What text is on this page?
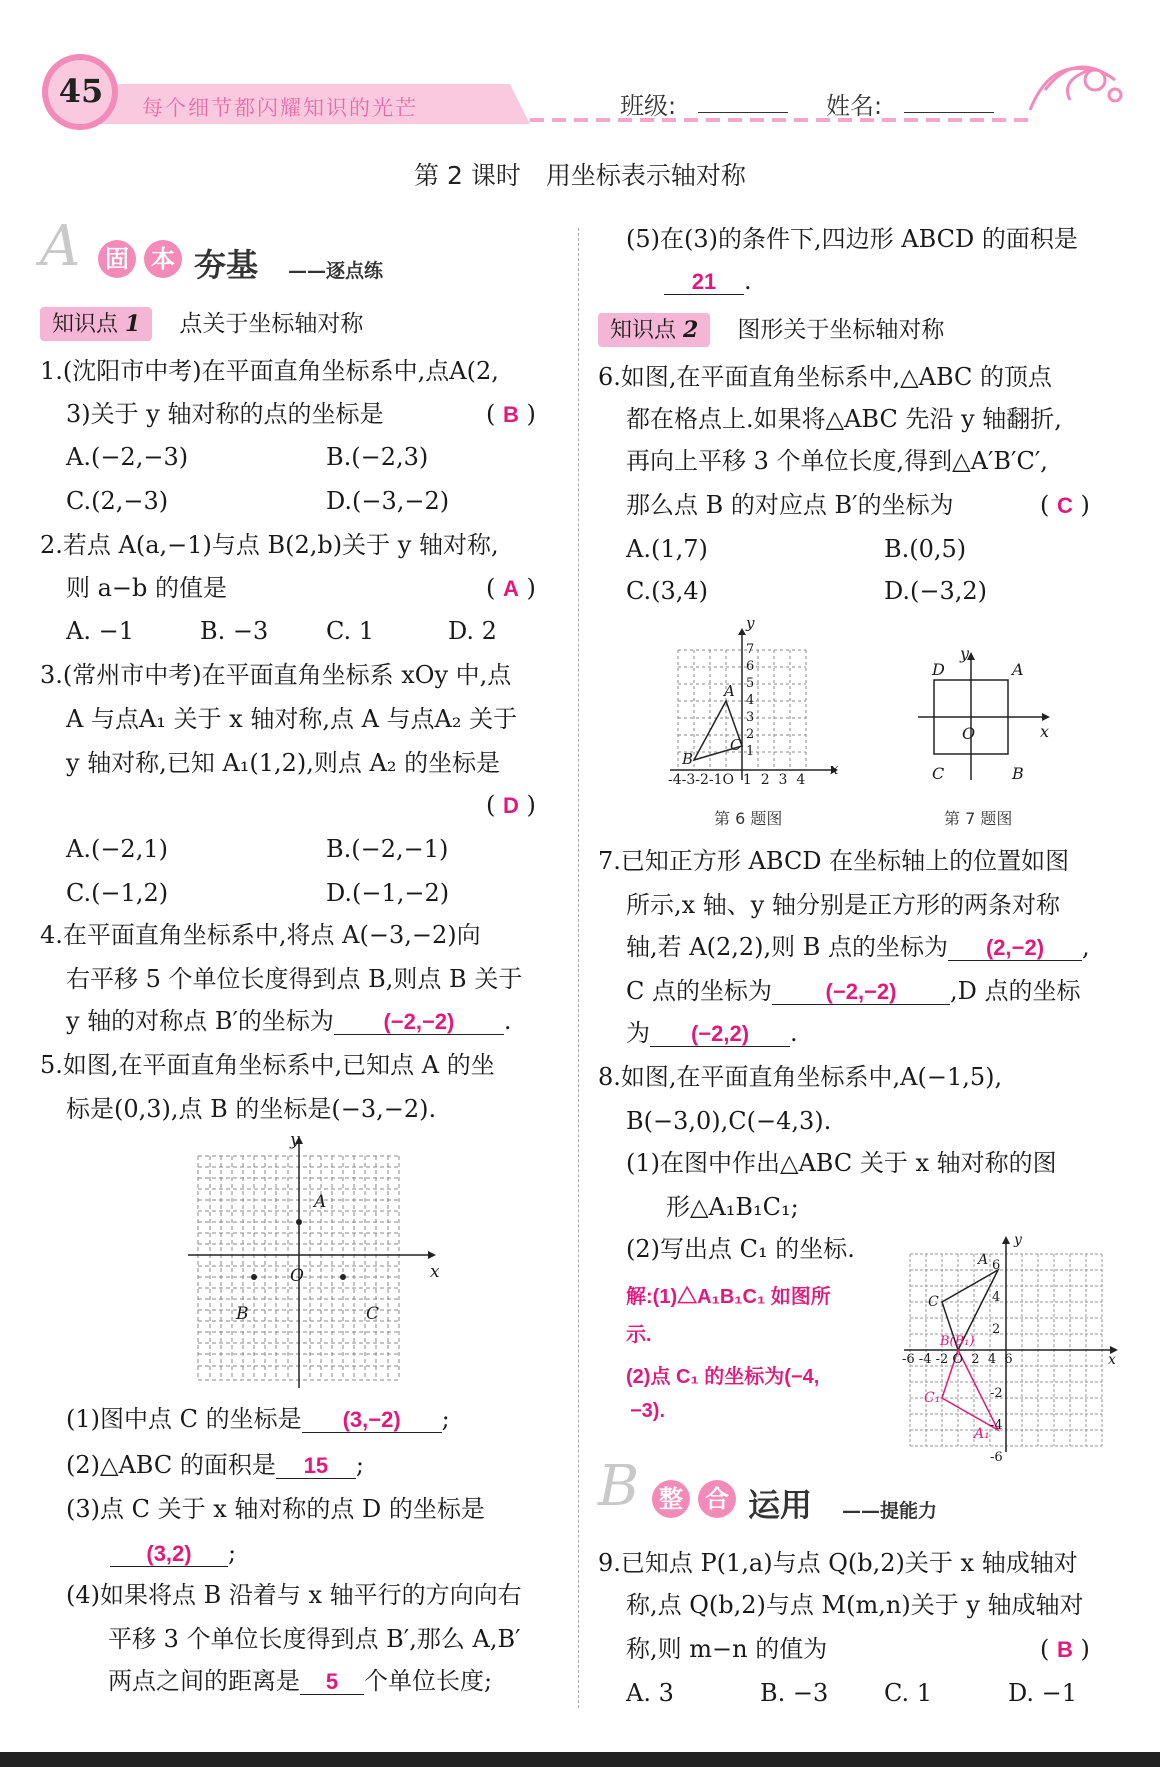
45 每个细节都闪耀知识的光芒	班级:	姓名:
第 2 课时　用坐标表示轴对称
A 固 本 夯基 ——逐点练
知识点 1 点关于坐标轴对称
1.(沈阳市中考)在平面直角坐标系中,点A(2,
3)关于 y 轴对称的点的坐标是	( B )
A.(−2,−3)	B.(−2,3)
C.(2,−3)	D.(−3,−2)
2.若点 A(a,−1)与点 B(2,b)关于 y 轴对称,
则 a−b 的值是	( A )
A. −1	B. −3 C. 1	D. 2
3.(常州市中考)在平面直角坐标系 xOy 中,点
A 与点A₁ 关于 x 轴对称,点 A 与点A₂ 关于
y 轴对称,已知 A₁(1,2),则点 A₂ 的坐标是
( D )
A.(−2,1)	B.(−2,−1)
C.(−1,2)	D.(−1,−2)
4.在平面直角坐标系中,将点 A(−3,−2)向
右平移 5 个单位长度得到点 B,则点 B 关于
y 轴的对称点 B′的坐标为 (−2,−2) .
5.如图,在平面直角坐标系中,已知点 A 的坐
标是(0,3),点 B 的坐标是(−3,−2).
y
x
O
A
B	C
(1)图中点 C 的坐标是 (3,−2) ;
(2)△ABC 的面积是 15 ;
(3)点 C 关于 x 轴对称的点 D 的坐标是
(3,2) ;
(4)如果将点 B 沿着与 x 轴平行的方向向右
平移 3 个单位长度得到点 B′,那么 A,B′
两点之间的距离是 5 个单位长度;
(5)在(3)的条件下,四边形 ABCD 的面积是
21 .
知识点 2 图形关于坐标轴对称
6.如图,在平面直角坐标系中,△ABC 的顶点
都在格点上.如果将△ABC 先沿 y 轴翻折,
再向上平移 3 个单位长度,得到△A′B′C′,
那么点 B 的对应点 B′的坐标为	( C )
A.(1,7)	B.(0,5)
C.(3,4)	D.(−3,2)
y
x
A
B
C
-4-3-2-1O  1  2  3  4
7
6
5
4
3
2
1
第 6 题图
y
x
O
D	A
C	B
第 7 题图
7.已知正方形 ABCD 在坐标轴上的位置如图
所示,x 轴、y 轴分别是正方形的两条对称
轴,若 A(2,2),则 B 点的坐标为 (2,−2) ,
C 点的坐标为 (−2,−2) ,D 点的坐标
为 (−2,2) .
8.如图,在平面直角坐标系中,A(−1,5),
B(−3,0),C(−4,3).
(1)在图中作出△ABC 关于 x 轴对称的图
形△A₁B₁C₁;
(2)写出点 C₁ 的坐标.
解:(1)△A₁B₁C₁ 如图所
示.
(2)点 C₁ 的坐标为(−4,
−3).
y
x
A
C
B(B₁)
C₁
A₁
-6 -4 -2 O  2  4  6
6
4
2
-2
-4
-6
B 整 合 运用 ——提能力
9.已知点 P(1,a)与点 Q(b,2)关于 x 轴成轴对
称,点 Q(b,2)与点 M(m,n)关于 y 轴成轴对
称,则 m−n 的值为	( B )
A. 3	B. −3 C. 1	D. −1
